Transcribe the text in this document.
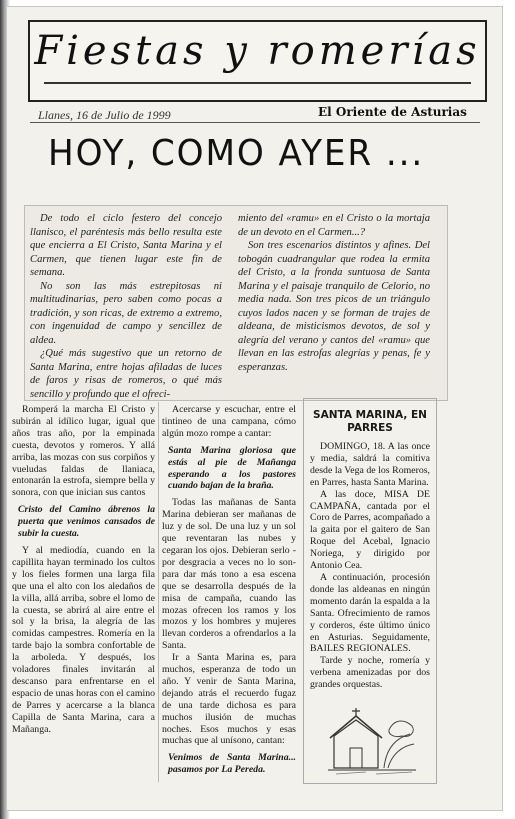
Fiestas y romerías
Llanes, 16 de Julio de 1999	El Oriente de Asturias
HOY, COMO AYER ...

De todo el ciclo festero del concejo llanisco, el paréntesis más bello resulta este que encierra a El Cristo, Santa Marina y el Carmen, que tienen lugar este fin de semana.

No son las más estrepitosas ni multitudinarias, pero saben como pocas a tradición, y son ricas, de extremo a extremo, con ingenuidad de campo y sencillez de aldea.

¿Qué más sugestivo que un retorno de Santa Marina, entre hojas afiladas de luces de faros y risas de romeros, o qué más sencillo y profundo que el ofreci-

miento del «ramu» en el Cristo o la mortaja de un devoto en el Carmen...?

Son tres escenarios distintos y afines. Del tobogán cuadrangular que rodea la ermita del Cristo, a la fronda suntuosa de Santa Marina y el paisaje tranquilo de Celorio, no media nada. Son tres picos de un triángulo cuyos lados nacen y se forman de trajes de aldeana, de misticismos devotos, de sol y alegría del verano y cantos del «ramu» que llevan en las estrofas alegrías y penas, fe y esperanzas.

Romperá la marcha El Cristo y subirán al idílico lugar, igual que años tras año, por la empinada cuesta, devotos y romeros. Y allá arriba, las mozas con sus corpiños y vueludas faldas de llaniaca, entonarán la estrofa, siempre bella y sonora, con que inician sus cantos

Cristo del Camino ábrenos la puerta que venimos cansados de subir la cuesta.

Y al mediodía, cuando en la capillita hayan terminado los cultos y los fieles formen una larga fila que una el alto con los aledaños de la villa, allá arriba, sobre el lomo de la cuesta, se abrirá al aire entre el sol y la brisa, la alegría de las comidas campestres. Romería en la tarde bajo la sombra confortable de la arboleda. Y después, los voladores finales invitarán al descanso para enfrentarse en el espacio de unas horas con el camino de Parres y acercarse a la blanca Capilla de Santa Marina, cara a Mañanga.

Acercarse y escuchar, entre el tintineo de una campana, cómo algún mozo rompe a cantar:

Santa Marina gloriosa que estás al pie de Mañanga esperando a los pastores cuando bajan de la braña.

Todas las mañanas de Santa Marina debieran ser mañanas de luz y de sol. De una luz y un sol que reventaran las nubes y cegaran los ojos. Debieran serlo -por desgracia a veces no lo son- para dar más tono a esa escena que se desarrolla después de la misa de campaña, cuando las mozas ofrecen los ramos y los mozos y los hombres y mujeres llevan corderos a ofrendarlos a la Santa.

Ir a Santa Marina es, para muchos, esperanza de todo un año. Y venir de Santa Marina, dejando atrás el recuerdo fugaz de una tarde dichosa es para muchos ilusión de muchas noches. Esos muchos y esas muchas que al unísono, cantan:

Venimos de Santa Marina... pasamos por La Pereda.

SANTA MARINA, EN PARRES

DOMINGO, 18. A las once y media, saldrá la comitiva desde la Vega de los Romeros, en Parres, hasta Santa Marina.

A las doce, MISA DE CAMPAÑA, cantada por el Coro de Parres, acompañado a la gaita por el gaitero de San Roque del Acebal, Ignacio Noriega, y dirigido por Antonio Cea.

A continuación, procesión donde las aldeanas en ningún momento darán la espalda a la Santa. Ofrecimiento de ramos y corderos, éste último único en Asturias. Seguidamente, BAILES REGIONALES.

Tarde y noche, romería y verbena amenizadas por dos grandes orquestas.
